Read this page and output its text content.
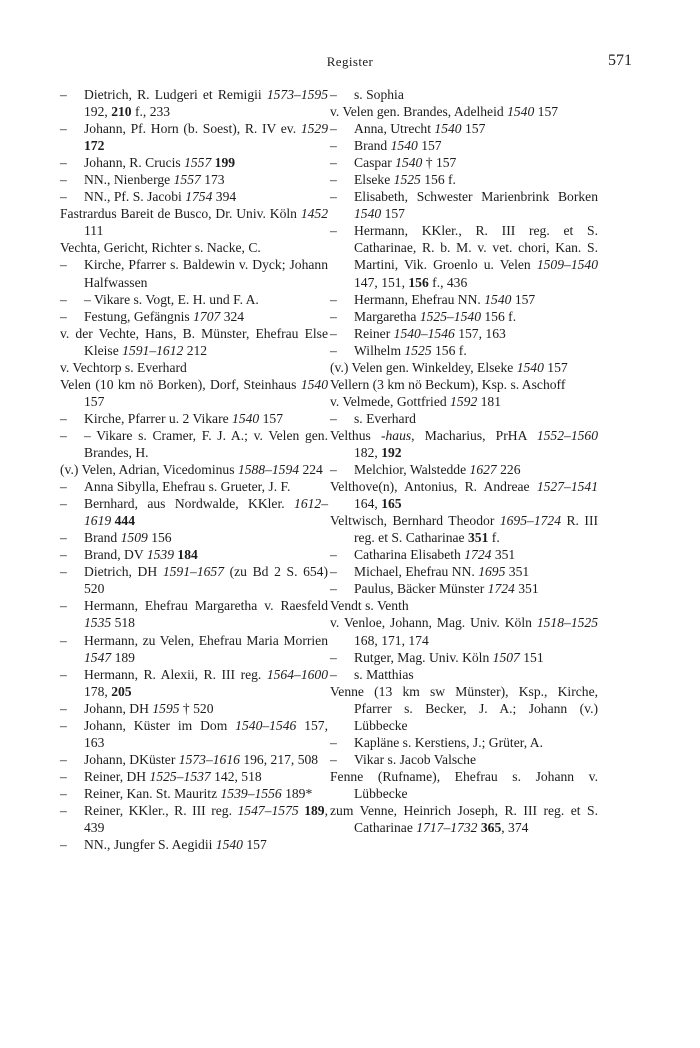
Register	571
– Dietrich, R. Ludgeri et Remigii 1573–1595 192, 210 f., 233
– Johann, Pf. Horn (b. Soest), R. IV ev. 1529 172
– Johann, R. Crucis 1557 199
– NN., Nienberge 1557 173
– NN., Pf. S. Jacobi 1754 394
Fastrardus Bareit de Busco, Dr. Univ. Köln 1452 111
Vechta, Gericht, Richter s. Nacke, C.
– Kirche, Pfarrer s. Baldewin v. Dyck; Johann Halfwassen
– – Vikare s. Vogt, E. H. und F. A.
– Festung, Gefängnis 1707 324
v. der Vechte, Hans, B. Münster, Ehefrau Else Kleise 1591–1612 212
v. Vechtorp s. Everhard
Velen (10 km nö Borken), Dorf, Steinhaus 1540 157
– Kirche, Pfarrer u. 2 Vikare 1540 157
– – Vikare s. Cramer, F. J. A.; v. Velen gen. Brandes, H.
(v.) Velen, Adrian, Vicedominus 1588–1594 224
– Anna Sibylla, Ehefrau s. Grueter, J. F.
– Bernhard, aus Nordwalde, KKler. 1612–1619 444
– Brand 1509 156
– Brand, DV 1539 184
– Dietrich, DH 1591–1657 (zu Bd 2 S. 654) 520
– Hermann, Ehefrau Margaretha v. Raesfeld 1535 518
– Hermann, zu Velen, Ehefrau Maria Morrien 1547 189
– Hermann, R. Alexii, R. III reg. 1564–1600 178, 205
– Johann, DH 1595 † 520
– Johann, Küster im Dom 1540–1546 157, 163
– Johann, DKüster 1573–1616 196, 217, 508
– Reiner, DH 1525–1537 142, 518
– Reiner, Kan. St. Mauritz 1539–1556 189*
– Reiner, KKler., R. III reg. 1547–1575 189, 439
– NN., Jungfer S. Aegidii 1540 157
– s. Sophia
v. Velen gen. Brandes, Adelheid 1540 157
– Anna, Utrecht 1540 157
– Brand 1540 157
– Caspar 1540 † 157
– Elseke 1525 156 f.
– Elisabeth, Schwester Marienbrink Borken 1540 157
– Hermann, KKler., R. III reg. et S. Catharinae, R. b. M. v. vet. chori, Kan. S. Martini, Vik. Groenlo u. Velen 1509–1540 147, 151, 156 f., 436
– Hermann, Ehefrau NN. 1540 157
– Margaretha 1525–1540 156 f.
– Reiner 1540–1546 157, 163
– Wilhelm 1525 156 f.
(v.) Velen gen. Winkeldey, Elseke 1540 157
Vellern (3 km nö Beckum), Ksp. s. Aschoff
v. Velmede, Gottfried 1592 181
– s. Everhard
Velthus -haus, Macharius, PrHA 1552–1560 182, 192
– Melchior, Walstedde 1627 226
Velthove(n), Antonius, R. Andreae 1527–1541 164, 165
Veltwisch, Bernhard Theodor 1695–1724 R. III reg. et S. Catharinae 351 f.
– Catharina Elisabeth 1724 351
– Michael, Ehefrau NN. 1695 351
– Paulus, Bäcker Münster 1724 351
Vendt s. Venth
v. Venloe, Johann, Mag. Univ. Köln 1518–1525 168, 171, 174
– Rutger, Mag. Univ. Köln 1507 151
– s. Matthias
Venne (13 km sw Münster), Ksp., Kirche, Pfarrer s. Becker, J. A.; Johann (v.) Lübbecke
– Kapläne s. Kerstiens, J.; Grüter, A.
– Vikar s. Jacob Valsche
Fenne (Rufname), Ehefrau s. Johann v. Lübbecke
zum Venne, Heinrich Joseph, R. III reg. et S. Catharinae 1717–1732 365, 374
